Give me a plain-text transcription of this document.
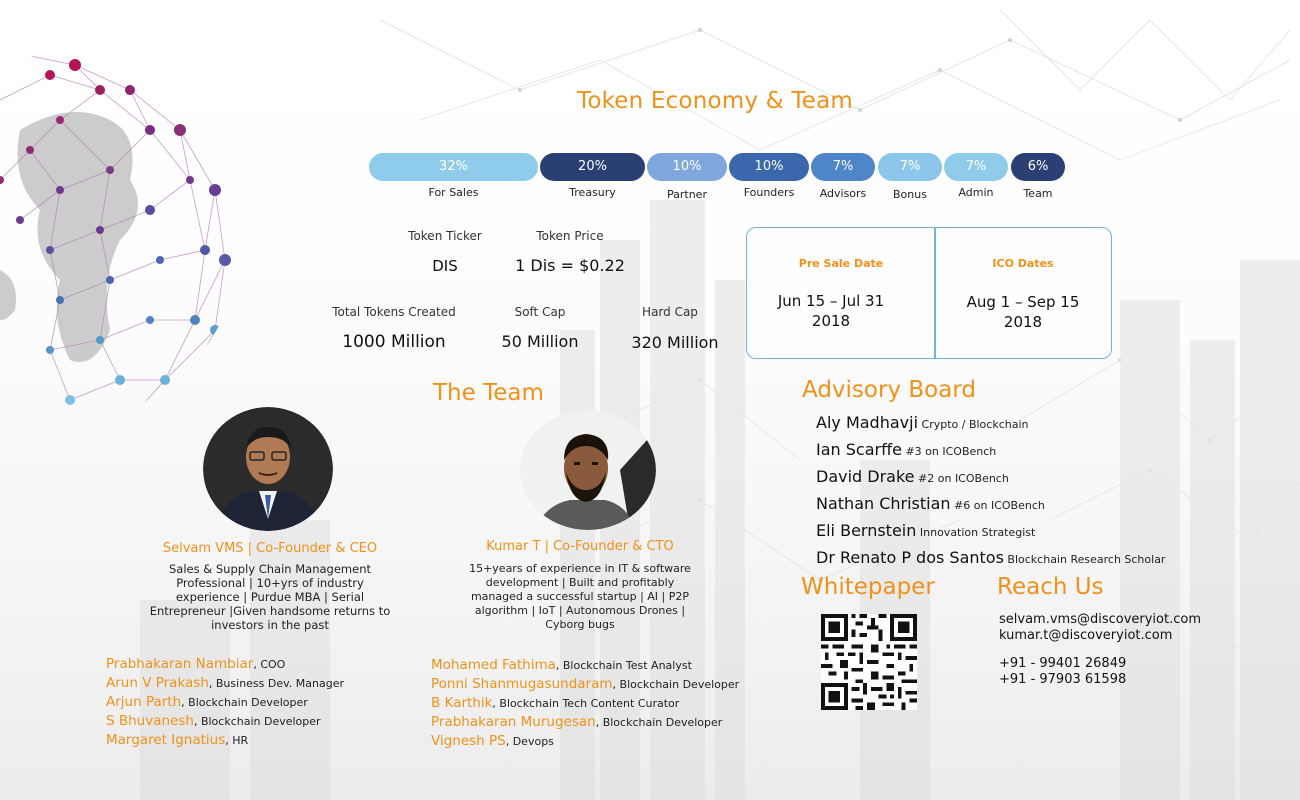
Token Economy & Team
32%	20%	10%	10%	7%	7%	7%	6%
For Sales	Treasury	Partner	Founders	Advisors	Bonus	Admin	Team
Token Ticker
DIS
Token Price
1 Dis = $0.22
Total Tokens Created
1000 Million
Soft Cap
50 Million
Hard Cap
320 Million
Pre Sale Date
Jun 15 – Jul 31
2018
ICO Dates
Aug 1 – Sep 15
2018
The Team
Selvam VMS | Co-Founder & CEO
Sales & Supply Chain Management
Professional | 10+yrs of industry
experience | Purdue MBA | Serial
Entrepreneur |Given handsome returns to
investors in the past
Kumar T | Co-Founder & CTO
15+years of experience in IT & software
development | Built and profitably
managed a successful startup | AI | P2P
algorithm | IoT | Autonomous Drones |
Cyborg bugs
Prabhakaran Nambiar, COO
Arun V Prakash, Business Dev. Manager
Arjun Parth, Blockchain Developer
S Bhuvanesh, Blockchain Developer
Margaret Ignatius, HR
Mohamed Fathima, Blockchain Test Analyst
Ponni Shanmugasundaram, Blockchain Developer
B Karthik, Blockchain Tech Content Curator
Prabhakaran Murugesan, Blockchain Developer
Vignesh PS, Devops
Advisory Board
Aly Madhavji Crypto / Blockchain
Ian Scarffe #3 on ICOBench
David Drake #2 on ICOBench
Nathan Christian #6 on ICOBench
Eli Bernstein Innovation Strategist
Dr Renato P dos Santos Blockchain Research Scholar
Whitepaper	Reach Us
selvam.vms@discoveryiot.com
kumar.t@discoveryiot.com
+91 - 99401 26849
+91 - 97903 61598
